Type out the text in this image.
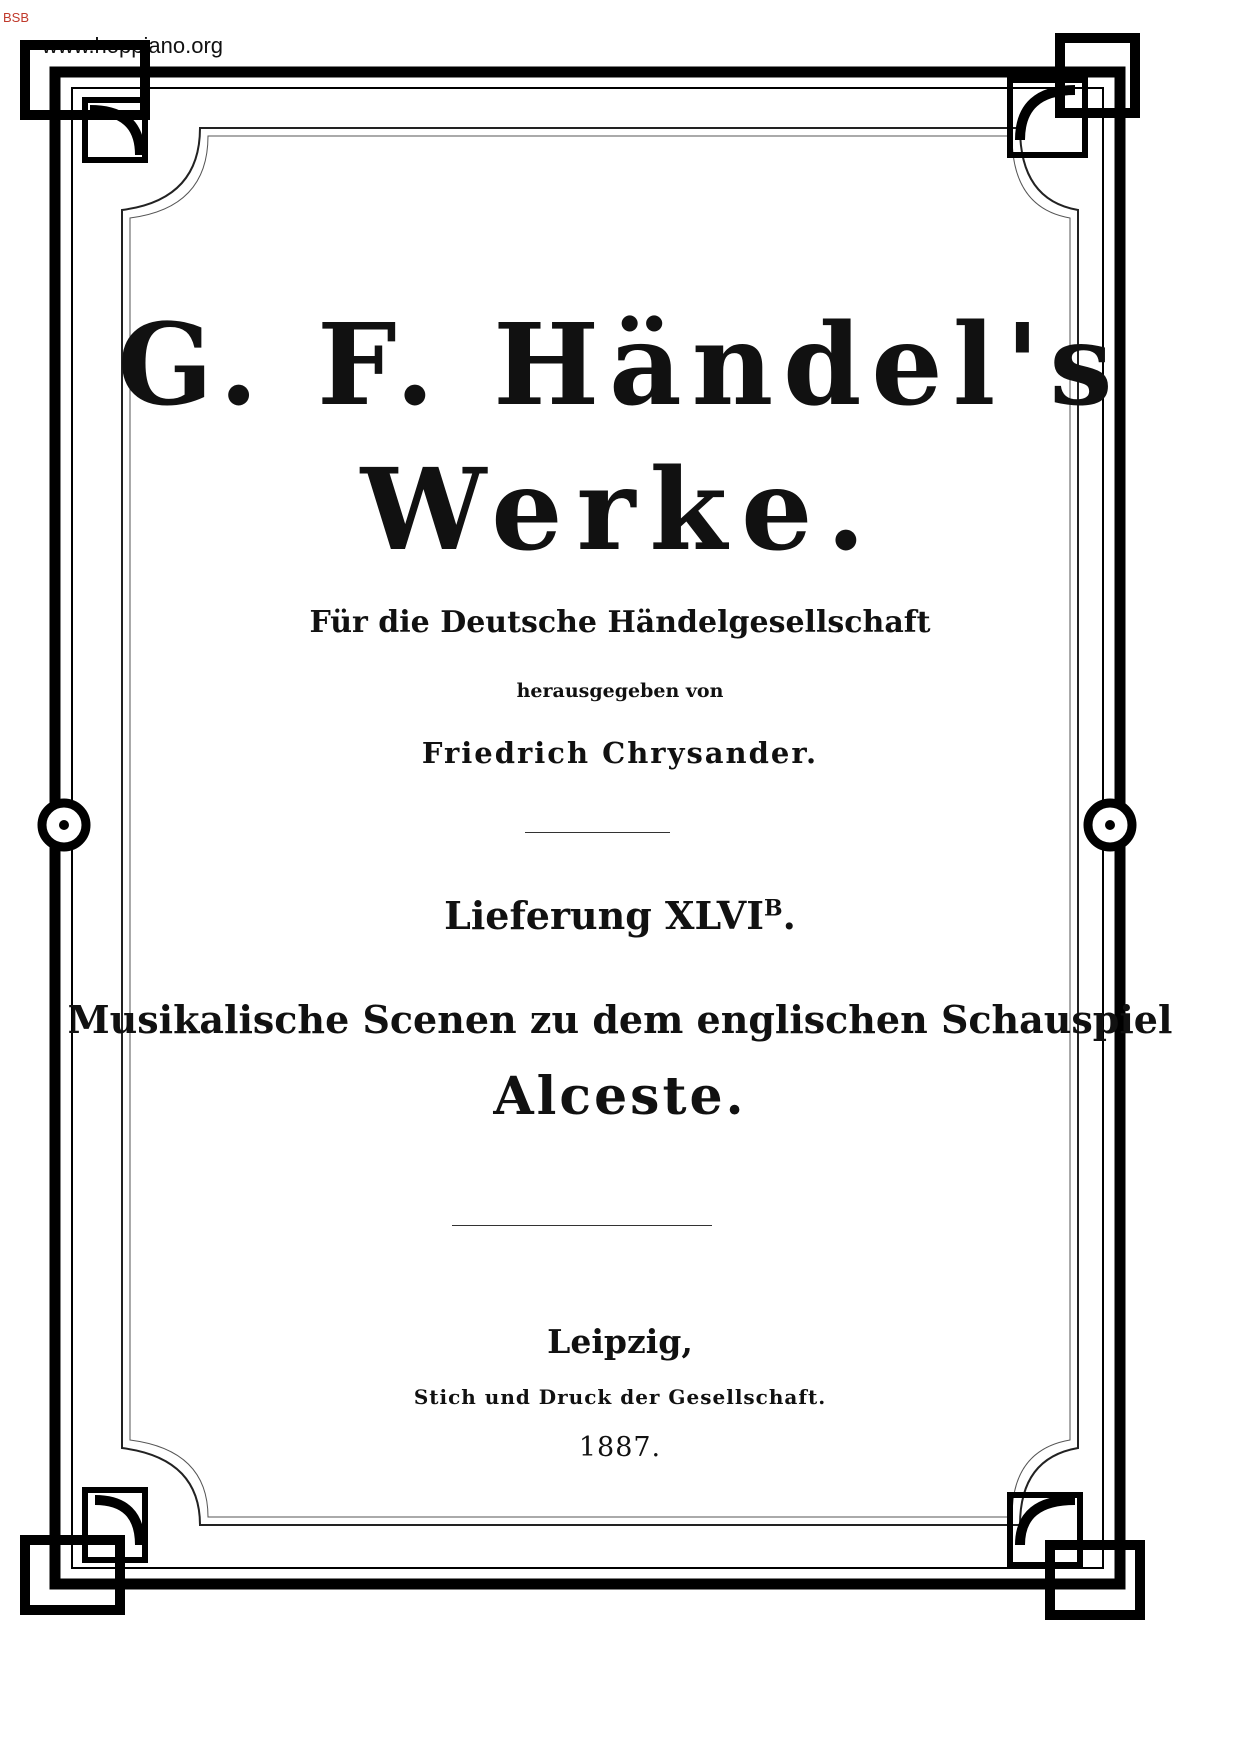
BSB
www.hoppiano.org
G. F. Händel's
Werke.
Für die Deutsche Händelgesellschaft
herausgegeben von
Friedrich Chrysander.
Lieferung $XLVI^B$.
Musikalische Scenen zu dem englischen Schauspiel
Alceste.
Leipzig,
Stich und Druck der Gesellschaft.
1887.
